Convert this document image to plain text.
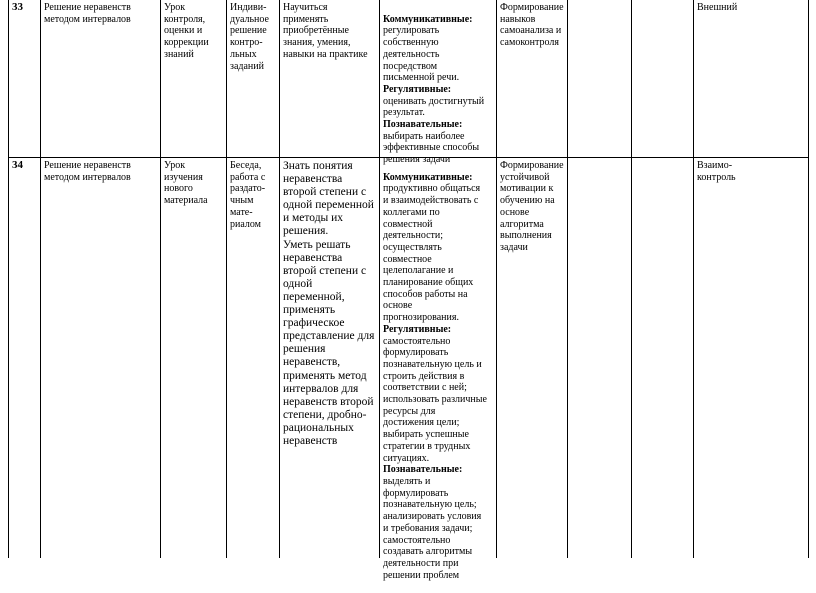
33 Решение неравенств
методом интервалов
Урок
контроля,
оценки и
коррекции
знаний
Индиви-
дуальное
решение
контро-
льных
заданий
Научиться
применять
приобретённые
знания, умения,
навыки на практике

Коммуникативные:
регулировать
собственную
деятельность
посредством
письменной речи.
Регулятивные:
оценивать достигнутый
результат.
Познавательные:
выбирать наиболее
эффективные способы
решения задачи

Формирование
навыков
самоанализа и
самоконтроля
Внешний
34 Решение неравенств
методом интервалов
Урок
изучения
нового
материала
Беседа,
работа с
раздато-
чным
мате-
риалом
Знать понятия
неравенства
второй степени с
одной переменной
и методы их
решения.
Уметь решать
неравенства
второй степени с
одной
переменной,
применять
графическое
представление для
решения
неравенств,
применять метод
интервалов для
неравенств второй
степени, дробно-
рациональных
неравенств

Коммуникативные:
продуктивно общаться
и взаимодействовать с
коллегами по
совместной
деятельности;
осуществлять
совместное
целеполагание и
планирование общих
способов работы на
основе
прогнозирования.
Регулятивные:
самостоятельно
формулировать
познавательную цель и
строить действия в
соответствии с ней;
использовать различные
ресурсы для
достижения цели;
выбирать успешные
стратегии в трудных
ситуациях.
Познавательные:
выделять и
формулировать
познавательную цель;
анализировать условия
и требования задачи;
самостоятельно
создавать алгоритмы
деятельности при
решении проблем

Формирование
устойчивой
мотивации к
обучению на
основе
алгоритма
выполнения
задачи
Взаимо-
контроль
